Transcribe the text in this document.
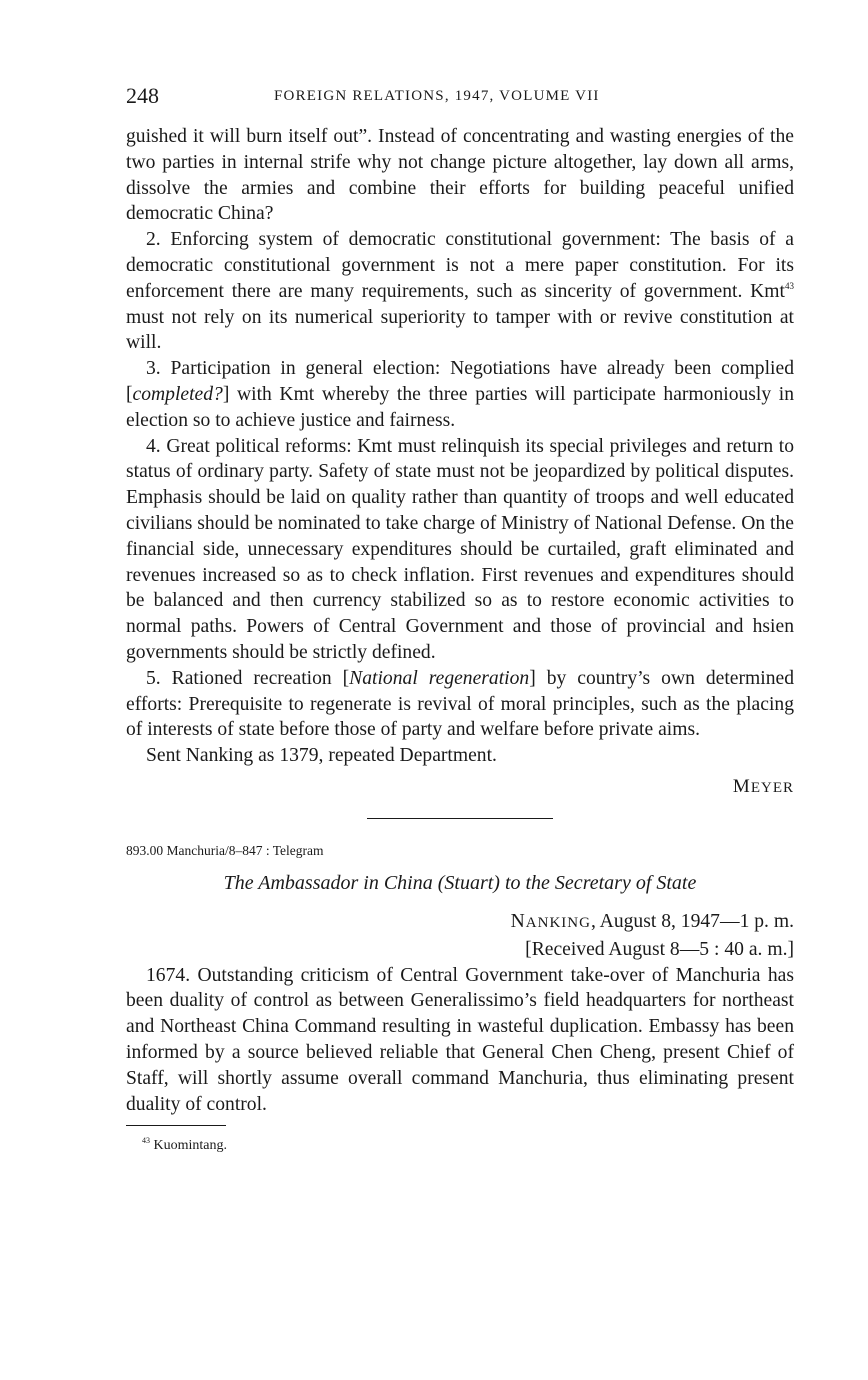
248	FOREIGN RELATIONS, 1947, VOLUME VII

guished it will burn itself out”. Instead of concentrating and wasting energies of the two parties in internal strife why not change picture altogether, lay down all arms, dissolve the armies and combine their efforts for building peaceful unified democratic China?

2. Enforcing system of democratic constitutional government: The basis of a democratic constitutional government is not a mere paper constitution. For its enforcement there are many requirements, such as sincerity of government. Kmt$^{43}$ must not rely on its numerical superiority to tamper with or revive constitution at will.

3. Participation in general election: Negotiations have already been complied [completed?] with Kmt whereby the three parties will participate harmoniously in election so to achieve justice and fairness.

4. Great political reforms: Kmt must relinquish its special privileges and return to status of ordinary party. Safety of state must not be jeopardized by political disputes. Emphasis should be laid on quality rather than quantity of troops and well educated civilians should be nominated to take charge of Ministry of National Defense. On the financial side, unnecessary expenditures should be curtailed, graft eliminated and revenues increased so as to check inflation. First revenues and expenditures should be balanced and then currency stabilized so as to restore economic activities to normal paths. Powers of Central Government and those of provincial and hsien governments should be strictly defined.

5. Rationed recreation [National regeneration] by country’s own determined efforts: Prerequisite to regenerate is revival of moral principles, such as the placing of interests of state before those of party and welfare before private aims.

Sent Nanking as 1379, repeated Department.

MEYER
893.00 Manchuria/8–847 : Telegram
The Ambassador in China (Stuart) to the Secretary of State
NANKING, August 8, 1947—1 p. m.
[Received August 8—5 : 40 a. m.]

1674. Outstanding criticism of Central Government take-over of Manchuria has been duality of control as between Generalissimo’s field headquarters for northeast and Northeast China Command resulting in wasteful duplication. Embassy has been informed by a source believed reliable that General Chen Cheng, present Chief of Staff, will shortly assume overall command Manchuria, thus eliminating present duality of control.

$^{43}$ Kuomintang.
